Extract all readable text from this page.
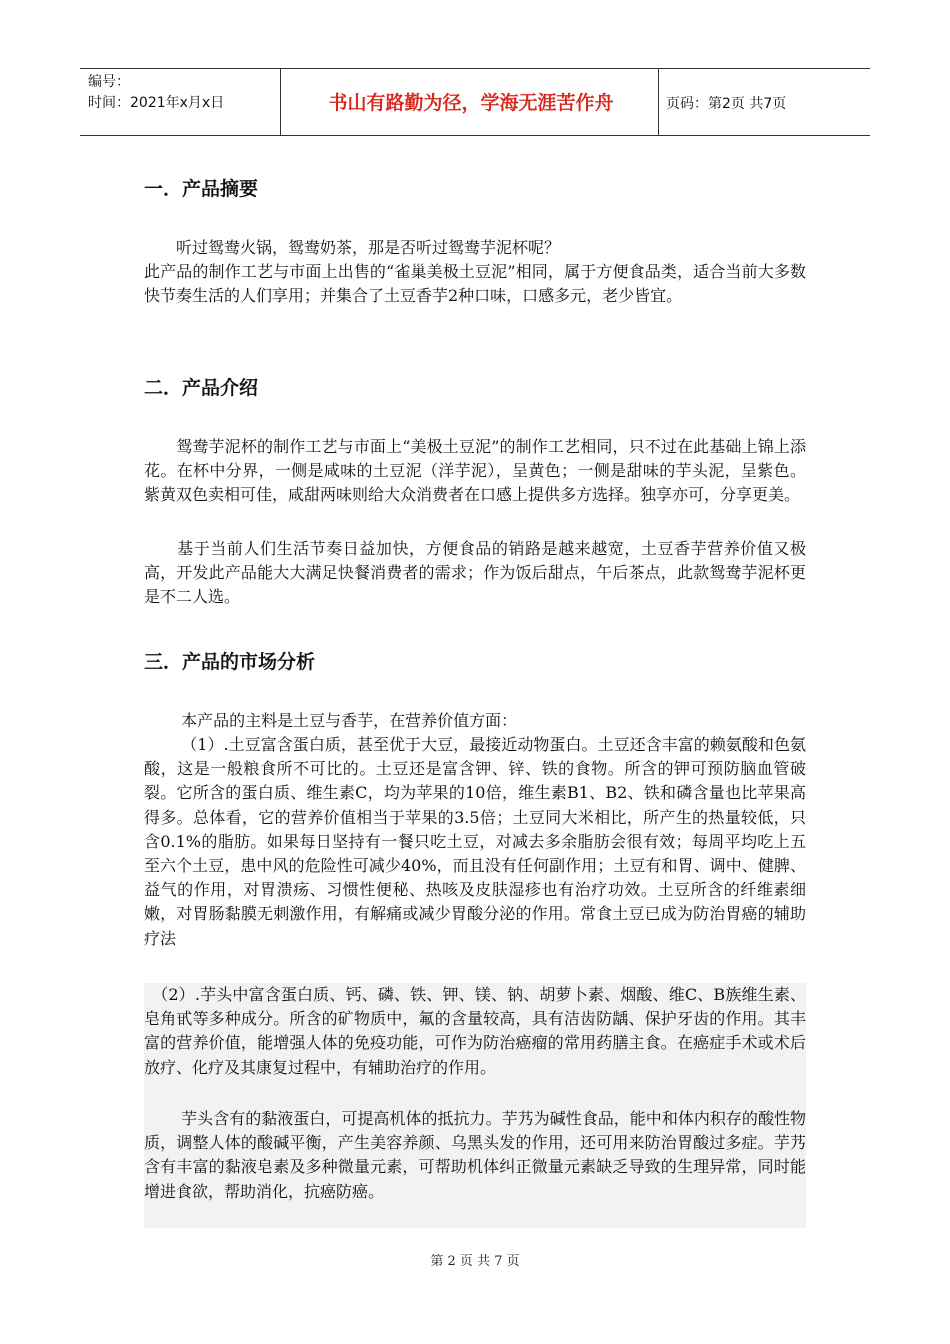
编号：
时间：2021年x月x日	书山有路勤为径，学海无涯苦作舟	页码：第2页 共7页
一．产品摘要
　　听过鸳鸯火锅，鸳鸯奶茶，那是否听过鸳鸯芋泥杯呢？
此产品的制作工艺与市面上出售的“雀巢美极土豆泥”相同，属于方便食品类，适合当前大多数快节奏生活的人们享用；并集合了土豆香芋2种口味，口感多元，老少皆宜。
二．产品介绍
　　鸳鸯芋泥杯的制作工艺与市面上“美极土豆泥”的制作工艺相同，只不过在此基础上锦上添花。在杯中分界，一侧是咸味的土豆泥（洋芋泥），呈黄色；一侧是甜味的芋头泥，呈紫色。紫黄双色卖相可佳，咸甜两味则给大众消费者在口感上提供多方选择。独享亦可，分享更美。
　　基于当前人们生活节奏日益加快，方便食品的销路是越来越宽，土豆香芋营养价值又极高，开发此产品能大大满足快餐消费者的需求；作为饭后甜点，午后茶点，此款鸳鸯芋泥杯更是不二人选。
三．产品的市场分析
　　 本产品的主料是土豆与香芋，在营养价值方面：
　　 （1）.土豆富含蛋白质，甚至优于大豆，最接近动物蛋白。土豆还含丰富的赖氨酸和色氨酸，这是一般粮食所不可比的。土豆还是富含钾、锌、铁的食物。所含的钾可预防脑血管破裂。它所含的蛋白质、维生素C，均为苹果的10倍，维生素B1、B2、铁和磷含量也比苹果高得多。总体看，它的营养价值相当于苹果的3.5倍；土豆同大米相比，所产生的热量较低，只含0.1%的脂肪。如果每日坚持有一餐只吃土豆，对减去多余脂肪会很有效；每周平均吃上五至六个土豆，患中风的危险性可减少40%，而且没有任何副作用；土豆有和胃、调中、健脾、益气的作用，对胃溃疡、习惯性便秘、热咳及皮肤湿疹也有治疗功效。土豆所含的纤维素细嫩，对胃肠黏膜无刺激作用，有解痛或减少胃酸分泌的作用。常食土豆已成为防治胃癌的辅助疗法
　（2）.芋头中富含蛋白质、钙、磷、铁、钾、镁、钠、胡萝卜素、烟酸、维C、B族维生素、皂角甙等多种成分。所含的矿物质中，氟的含量较高，具有洁齿防龋、保护牙齿的作用。其丰富的营养价值，能增强人体的免疫功能，可作为防治癌瘤的常用药膳主食。在癌症手术或术后放疗、化疗及其康复过程中，有辅助治疗的作用。
　　 芋头含有的黏液蛋白，可提高机体的抵抗力。芋艿为碱性食品，能中和体内积存的酸性物质，调整人体的酸碱平衡，产生美容养颜、乌黑头发的作用，还可用来防治胃酸过多症。芋艿含有丰富的黏液皂素及多种微量元素，可帮助机体纠正微量元素缺乏导致的生理异常，同时能增进食欲，帮助消化，抗癌防癌。
第 2 页 共 7 页
